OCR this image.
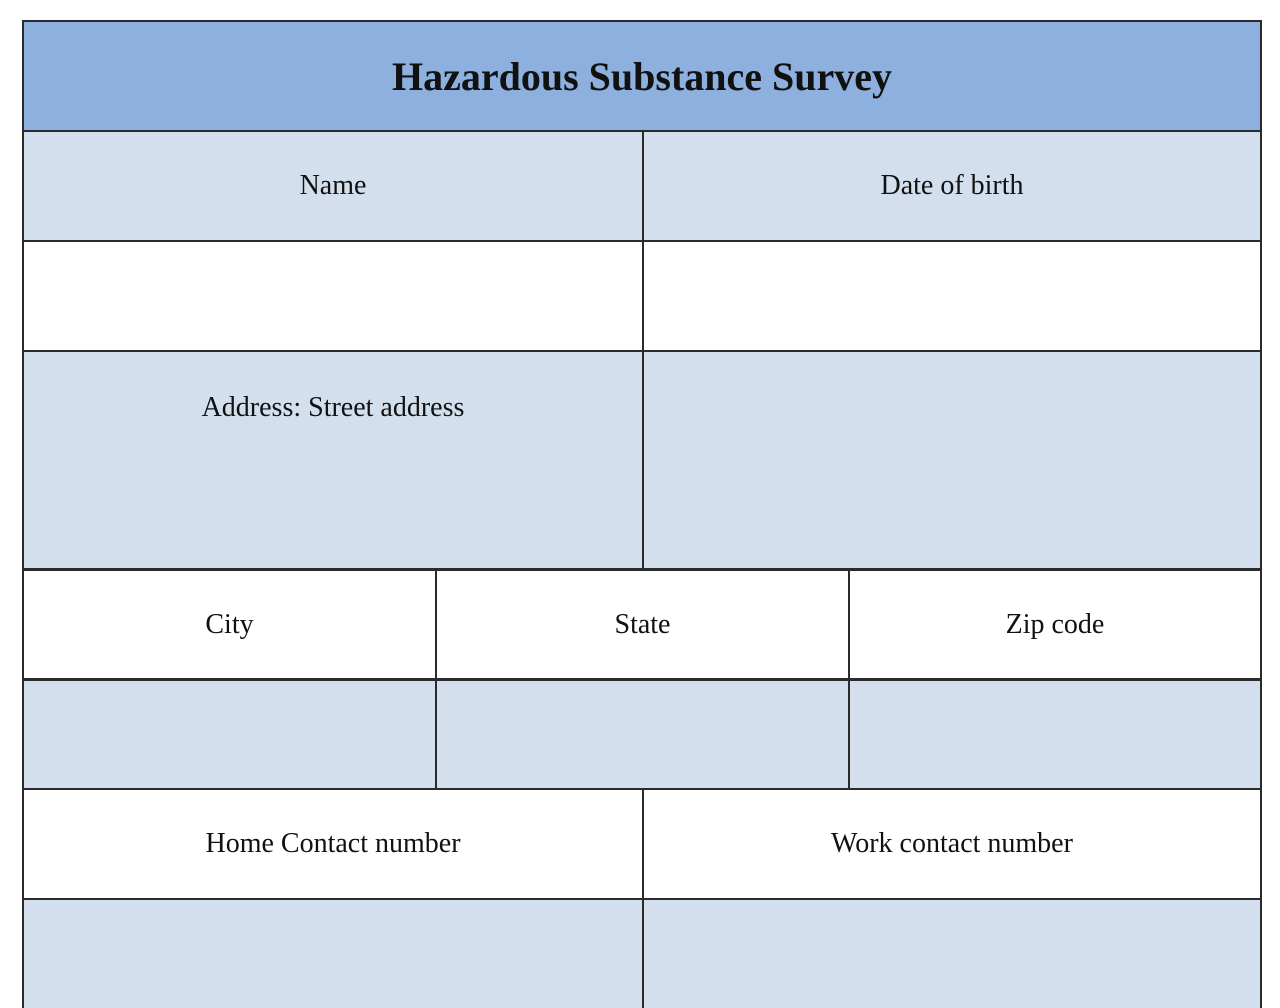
Hazardous Substance Survey
Name	Date of birth
Address: Street address
City	State	Zip code
Home Contact number	Work contact number
